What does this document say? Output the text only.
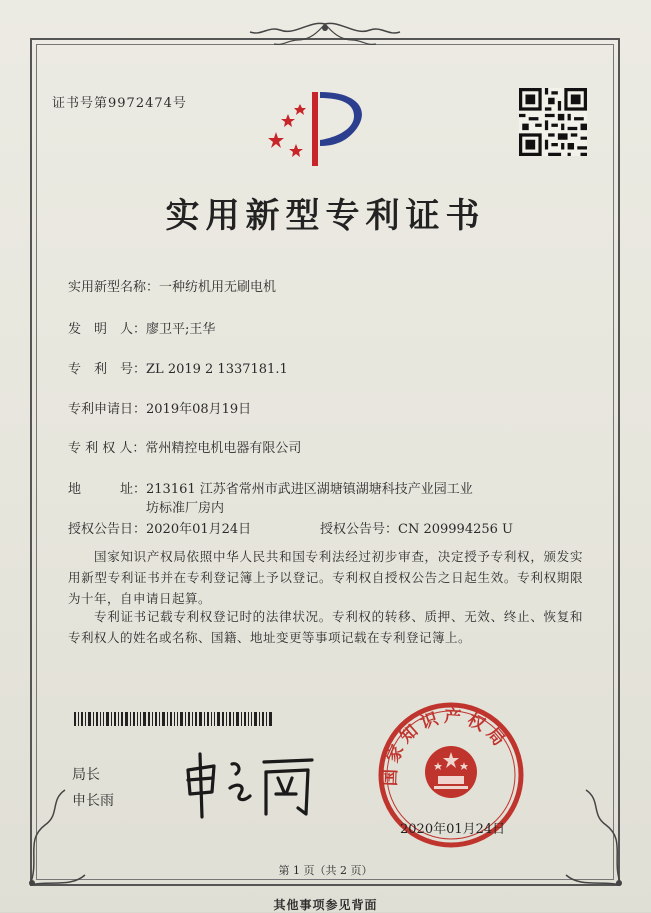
证书号第9972474号
实用新型专利证书
实用新型名称：一种纺机用无刷电机
发　明　人：廖卫平;王华
专　利　号：ZL 2019 2 1337181.1
专利申请日：2019年08月19日
专 利 权 人：常州精控电机电器有限公司
地　　　址：213161 江苏省常州市武进区湖塘镇湖塘科技产业园工业
坊标准厂房内
授权公告日：2020年01月24日	授权公告号：CN 209994256 U
国家知识产权局依照中华人民共和国专利法经过初步审查，决定授予专利权，颁发实用新型专利证书并在专利登记簿上予以登记。专利权自授权公告之日起生效。专利权期限为十年，自申请日起算。
专利证书记载专利权登记时的法律状况。专利权的转移、质押、无效、终止、恢复和专利权人的姓名或名称、国籍、地址变更等事项记载在专利登记簿上。
局长
申长雨
国家知识产权局
2020年01月24日
第 1 页（共 2 页）
其他事项参见背面
